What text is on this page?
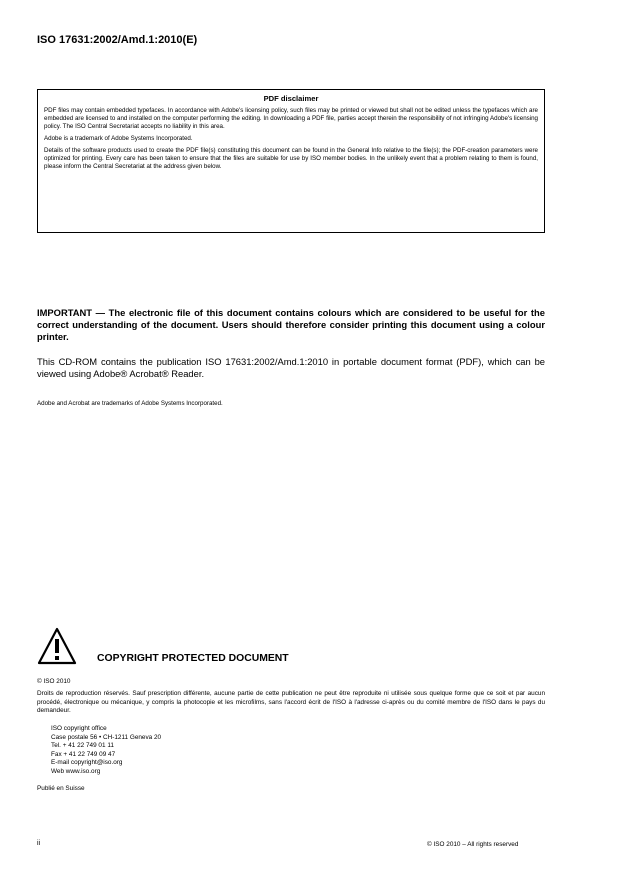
ISO 17631:2002/Amd.1:2010(E)
PDF disclaimer

PDF files may contain embedded typefaces. In accordance with Adobe's licensing policy, such files may be printed or viewed but shall not be edited unless the typefaces which are embedded are licensed to and installed on the computer performing the editing. In downloading a PDF file, parties accept therein the responsibility of not infringing Adobe's licensing policy. The ISO Central Secretariat accepts no liability in this area.

Adobe is a trademark of Adobe Systems Incorporated.

Details of the software products used to create the PDF file(s) constituting this document can be found in the General Info relative to the file(s); the PDF-creation parameters were optimized for printing. Every care has been taken to ensure that the files are suitable for use by ISO member bodies. In the unlikely event that a problem relating to them is found, please inform the Central Secretariat at the address given below.

IMPORTANT — The electronic file of this document contains colours which are considered to be useful for the correct understanding of the document. Users should therefore consider printing this document using a colour printer.

This CD-ROM contains the publication ISO 17631:2002/Amd.1:2010 in portable document format (PDF), which can be viewed using Adobe® Acrobat® Reader.

Adobe and Acrobat are trademarks of Adobe Systems Incorporated.
COPYRIGHT PROTECTED DOCUMENT
© ISO 2010

Droits de reproduction réservés. Sauf prescription différente, aucune partie de cette publication ne peut être reproduite ni utilisée sous quelque forme que ce soit et par aucun procédé, électronique ou mécanique, y compris la photocopie et les microfilms, sans l'accord écrit de l'ISO à l'adresse ci-après ou du comité membre de l'ISO dans le pays du demandeur.

ISO copyright office
Case postale 56 • CH-1211 Geneva 20
Tel. + 41 22 749 01 11
Fax + 41 22 749 09 47
E-mail copyright@iso.org
Web www.iso.org
Publié en Suisse
ii	© ISO 2010 – All rights reserved
